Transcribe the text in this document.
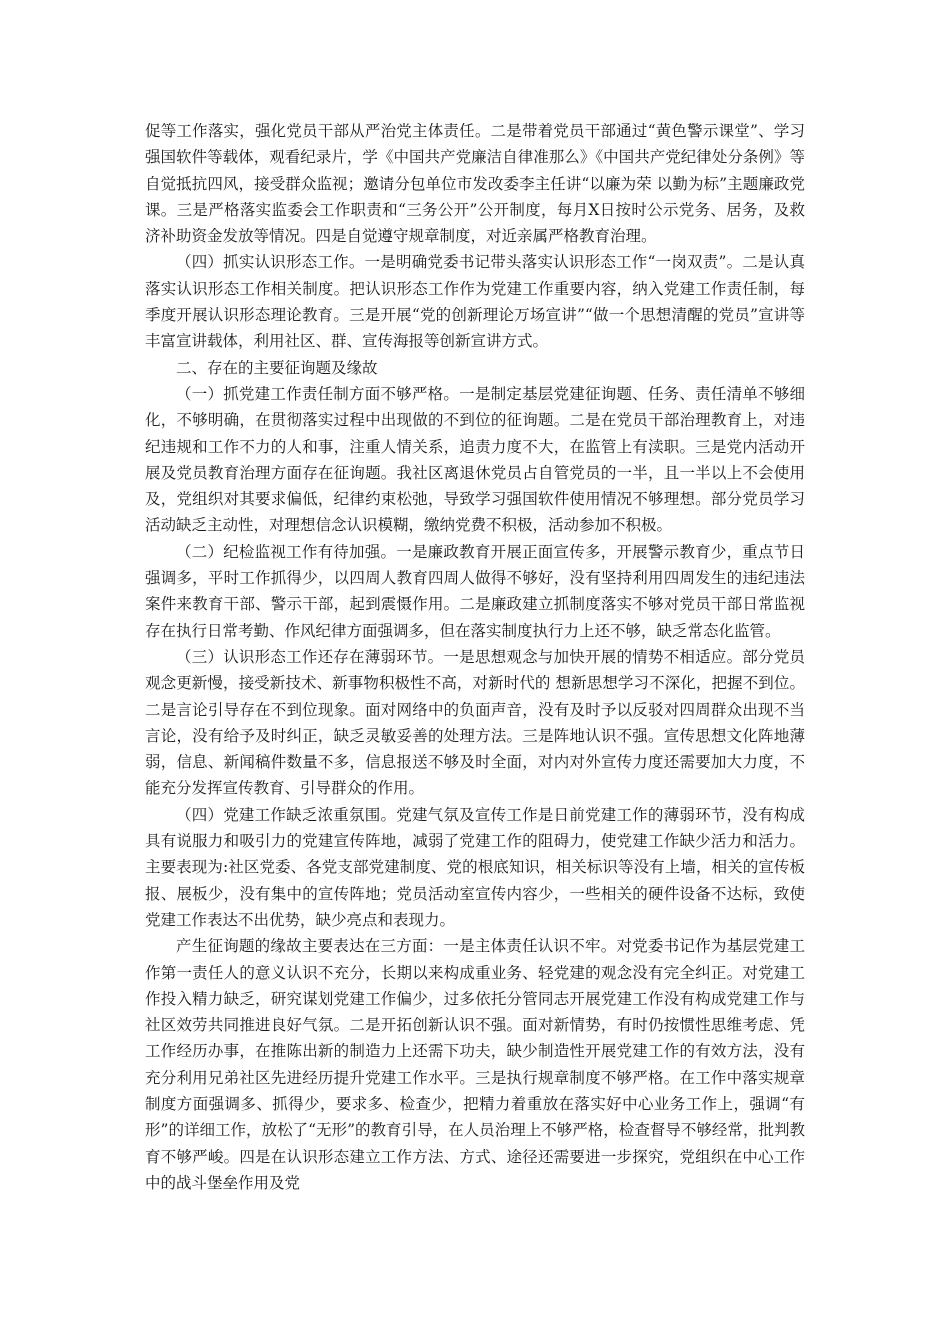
促等工作落实，强化党员干部从严治党主体责任。二是带着党员干部通过“黄色警示课堂”、学习强国软件等载体，观看纪录片，学《中国共产党廉洁自律准那么》《中国共产党纪律处分条例》等自觉抵抗四风，接受群众监视；邀请分包单位市发改委李主任讲“以廉为荣 以勤为标”主题廉政党课。三是严格落实监委会工作职责和“三务公开”公开制度，每月X日按时公示党务、居务，及救济补助资金发放等情况。四是自觉遵守规章制度，对近亲属严格教育治理。

（四）抓实认识形态工作。一是明确党委书记带头落实认识形态工作“一岗双责”。二是认真落实认识形态工作相关制度。把认识形态工作作为党建工作重要内容，纳入党建工作责任制，每季度开展认识形态理论教育。三是开展“党的创新理论万场宣讲”“做一个思想清醒的党员”宣讲等丰富宣讲载体，利用社区、群、宣传海报等创新宣讲方式。

二、存在的主要征询题及缘故

（一）抓党建工作责任制方面不够严格。一是制定基层党建征询题、任务、责任清单不够细化，不够明确，在贯彻落实过程中出现做的不到位的征询题。二是在党员干部治理教育上，对违纪违规和工作不力的人和事，注重人情关系，追责力度不大，在监管上有渎职。三是党内活动开展及党员教育治理方面存在征询题。我社区离退休党员占自管党员的一半，且一半以上不会使用及，党组织对其要求偏低，纪律约束松弛，导致学习强国软件使用情况不够理想。部分党员学习活动缺乏主动性，对理想信念认识模糊，缴纳党费不积极，活动参加不积极。

（二）纪检监视工作有待加强。一是廉政教育开展正面宣传多，开展警示教育少，重点节日强调多，平时工作抓得少，以四周人教育四周人做得不够好，没有坚持利用四周发生的违纪违法案件来教育干部、警示干部，起到震慑作用。二是廉政建立抓制度落实不够对党员干部日常监视存在执行日常考勤、作风纪律方面强调多，但在落实制度执行力上还不够，缺乏常态化监管。

（三）认识形态工作还存在薄弱环节。一是思想观念与加快开展的情势不相适应。部分党员观念更新慢，接受新技术、新事物积极性不高，对新时代的 想新思想学习不深化，把握不到位。二是言论引导存在不到位现象。面对网络中的负面声音，没有及时予以反驳对四周群众出现不当言论，没有给予及时纠正，缺乏灵敏妥善的处理方法。三是阵地认识不强。宣传思想文化阵地薄弱，信息、新闻稿件数量不多，信息报送不够及时全面，对内对外宣传力度还需要加大力度，不能充分发挥宣传教育、引导群众的作用。

（四）党建工作缺乏浓重氛围。党建气氛及宣传工作是日前党建工作的薄弱环节，没有构成具有说服力和吸引力的党建宣传阵地，减弱了党建工作的阻碍力，使党建工作缺少活力和活力。主要表现为:社区党委、各党支部党建制度、党的根底知识，相关标识等没有上墙，相关的宣传板报、展板少，没有集中的宣传阵地；党员活动室宣传内容少，一些相关的硬件设备不达标，致使党建工作表达不出优势，缺少亮点和表现力。

产生征询题的缘故主要表达在三方面：一是主体责任认识不牢。对党委书记作为基层党建工作第一责任人的意义认识不充分，长期以来构成重业务、轻党建的观念没有完全纠正。对党建工作投入精力缺乏，研究谋划党建工作偏少，过多依托分管同志开展党建工作没有构成党建工作与社区效劳共同推进良好气氛。二是开拓创新认识不强。面对新情势，有时仍按惯性思维考虑、凭工作经历办事，在推陈出新的制造力上还需下功夫，缺少制造性开展党建工作的有效方法，没有充分利用兄弟社区先进经历提升党建工作水平。三是执行规章制度不够严格。在工作中落实规章制度方面强调多、抓得少，要求多、检查少，把精力着重放在落实好中心业务工作上，强调“有形”的详细工作，放松了“无形”的教育引导，在人员治理上不够严格，检查督导不够经常，批判教育不够严峻。四是在认识形态建立工作方法、方式、途径还需要进一步探究，党组织在中心工作中的战斗堡垒作用及党
